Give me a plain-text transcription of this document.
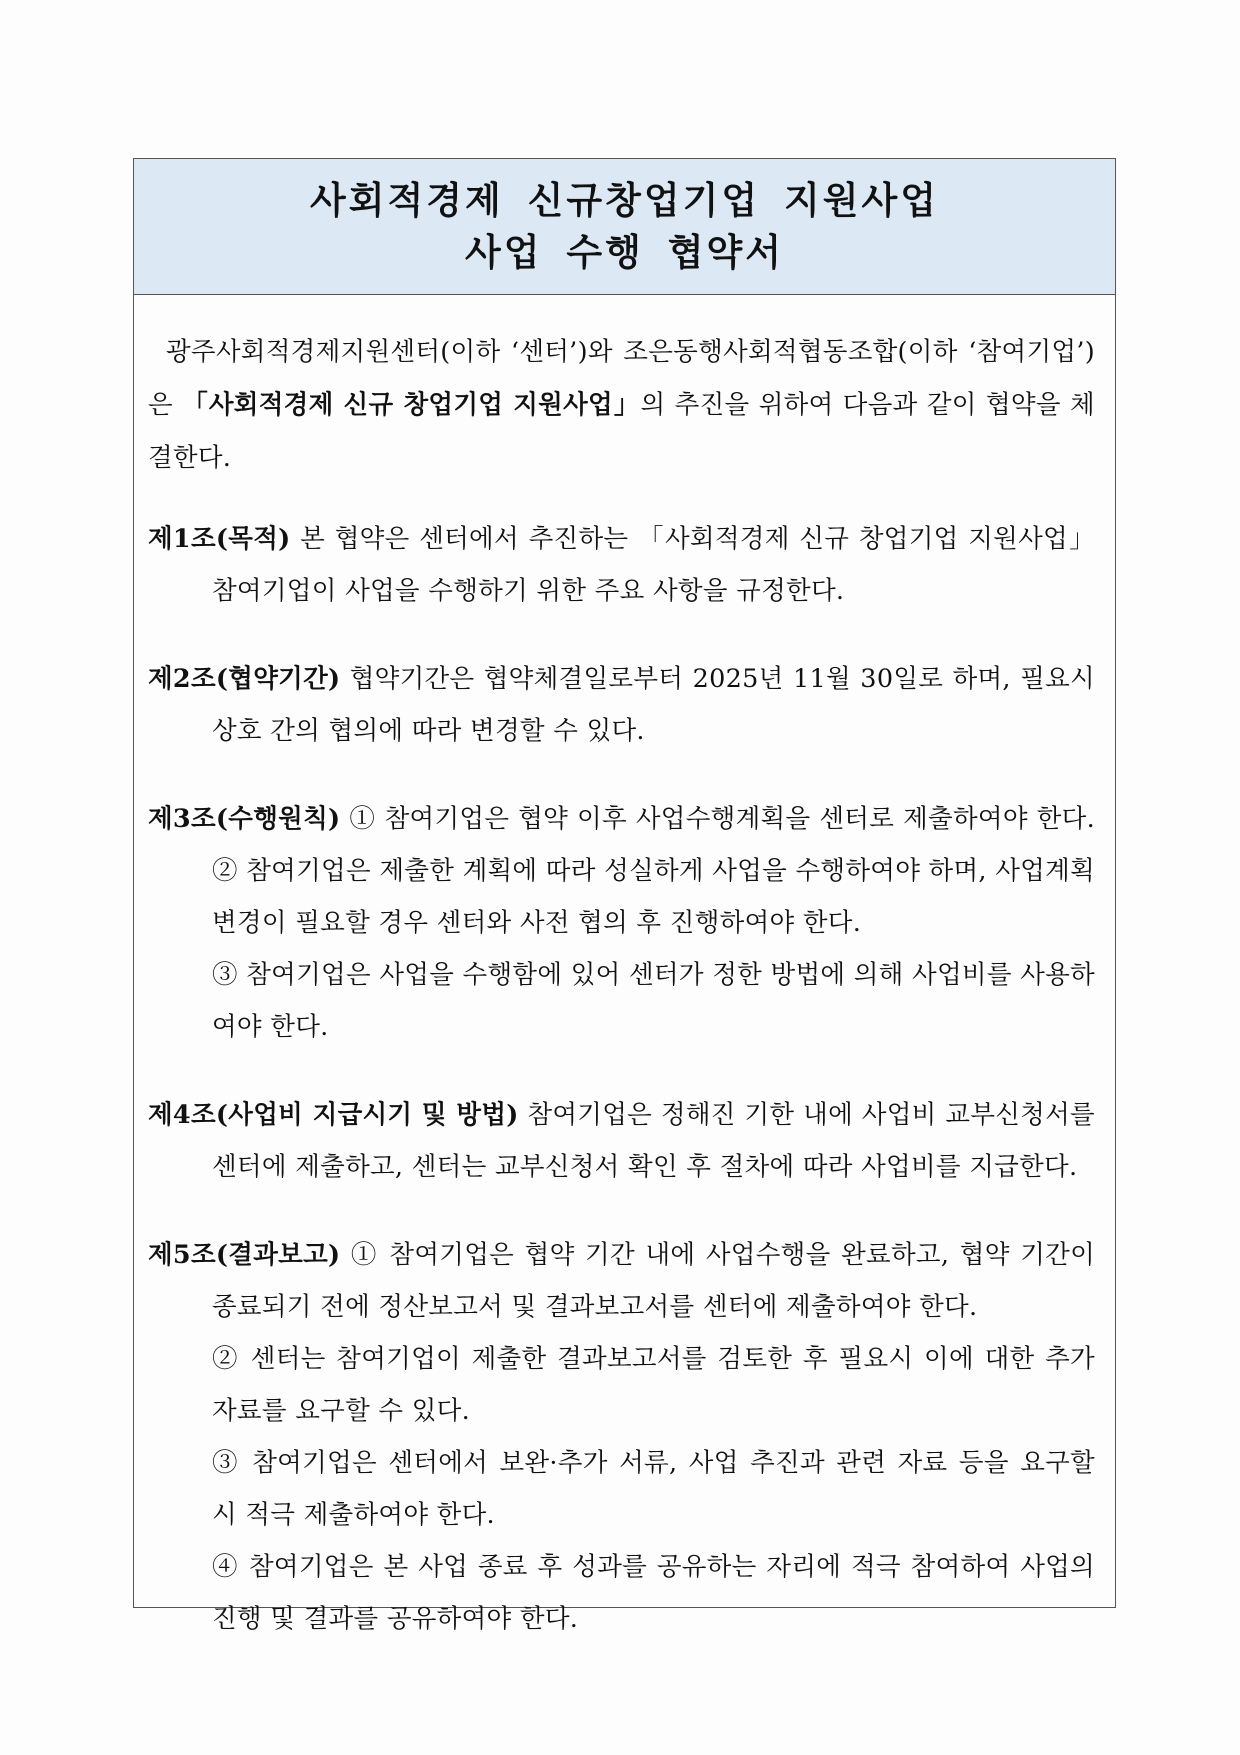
사회적경제 신규창업기업 지원사업
사업 수행 협약서
광주사회적경제지원센터(이하 ‘센터’)와 조은동행사회적협동조합(이하 ‘참여기업’)은 「사회적경제 신규 창업기업 지원사업」의 추진을 위하여 다음과 같이 협약을 체결한다.
제1조(목적) 본 협약은 센터에서 추진하는 「사회적경제 신규 창업기업 지원사업」
참여기업이 사업을 수행하기 위한 주요 사항을 규정한다.
제2조(협약기간) 협약기간은 협약체결일로부터 2025년 11월 30일로 하며, 필요시
상호 간의 협의에 따라 변경할 수 있다.
제3조(수행원칙) ① 참여기업은 협약 이후 사업수행계획을 센터로 제출하여야 한다.
② 참여기업은 제출한 계획에 따라 성실하게 사업을 수행하여야 하며, 사업계획 변경이 필요할 경우 센터와 사전 협의 후 진행하여야 한다.
③ 참여기업은 사업을 수행함에 있어 센터가 정한 방법에 의해 사업비를 사용하여야 한다.
제4조(사업비 지급시기 및 방법) 참여기업은 정해진 기한 내에 사업비 교부신청서를
센터에 제출하고, 센터는 교부신청서 확인 후 절차에 따라 사업비를 지급한다.
제5조(결과보고) ① 참여기업은 협약 기간 내에 사업수행을 완료하고, 협약 기간이
종료되기 전에 정산보고서 및 결과보고서를 센터에 제출하여야 한다.
② 센터는 참여기업이 제출한 결과보고서를 검토한 후 필요시 이에 대한 추가 자료를 요구할 수 있다.
③ 참여기업은 센터에서 보완·추가 서류, 사업 추진과 관련 자료 등을 요구할 시 적극 제출하여야 한다.
④ 참여기업은 본 사업 종료 후 성과를 공유하는 자리에 적극 참여하여 사업의 진행 및 결과를 공유하여야 한다.
